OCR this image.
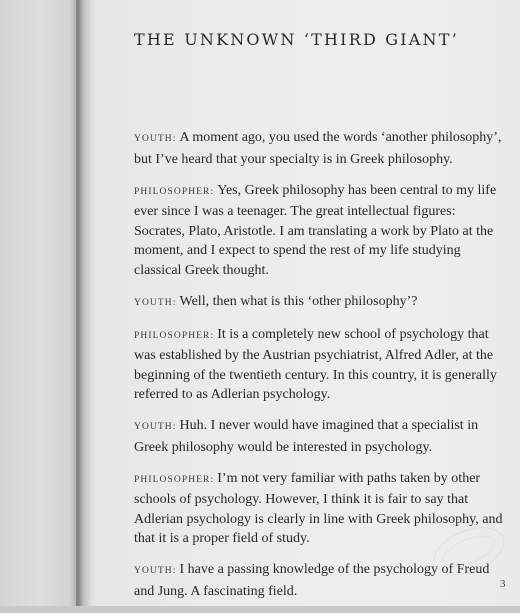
THE UNKNOWN ‘THIRD GIANT’

YOUTH: A moment ago, you used the words ‘another philosophy’, but I’ve heard that your specialty is in Greek philosophy.

PHILOSOPHER: Yes, Greek philosophy has been central to my life ever since I was a teenager. The great intellectual figures: Socrates, Plato, Aristotle. I am translating a work by Plato at the moment, and I expect to spend the rest of my life studying classical Greek thought.

YOUTH: Well, then what is this ‘other philosophy’?

PHILOSOPHER: It is a completely new school of psychology that was established by the Austrian psychiatrist, Alfred Adler, at the beginning of the twentieth century. In this country, it is generally referred to as Adlerian psychology.

YOUTH: Huh. I never would have imagined that a specialist in Greek philosophy would be interested in psychology.

PHILOSOPHER: I’m not very familiar with paths taken by other schools of psychology. However, I think it is fair to say that Adlerian psychology is clearly in line with Greek philosophy, and that it is a proper field of study.

YOUTH: I have a passing knowledge of the psychology of Freud and Jung. A fascinating field.	3
